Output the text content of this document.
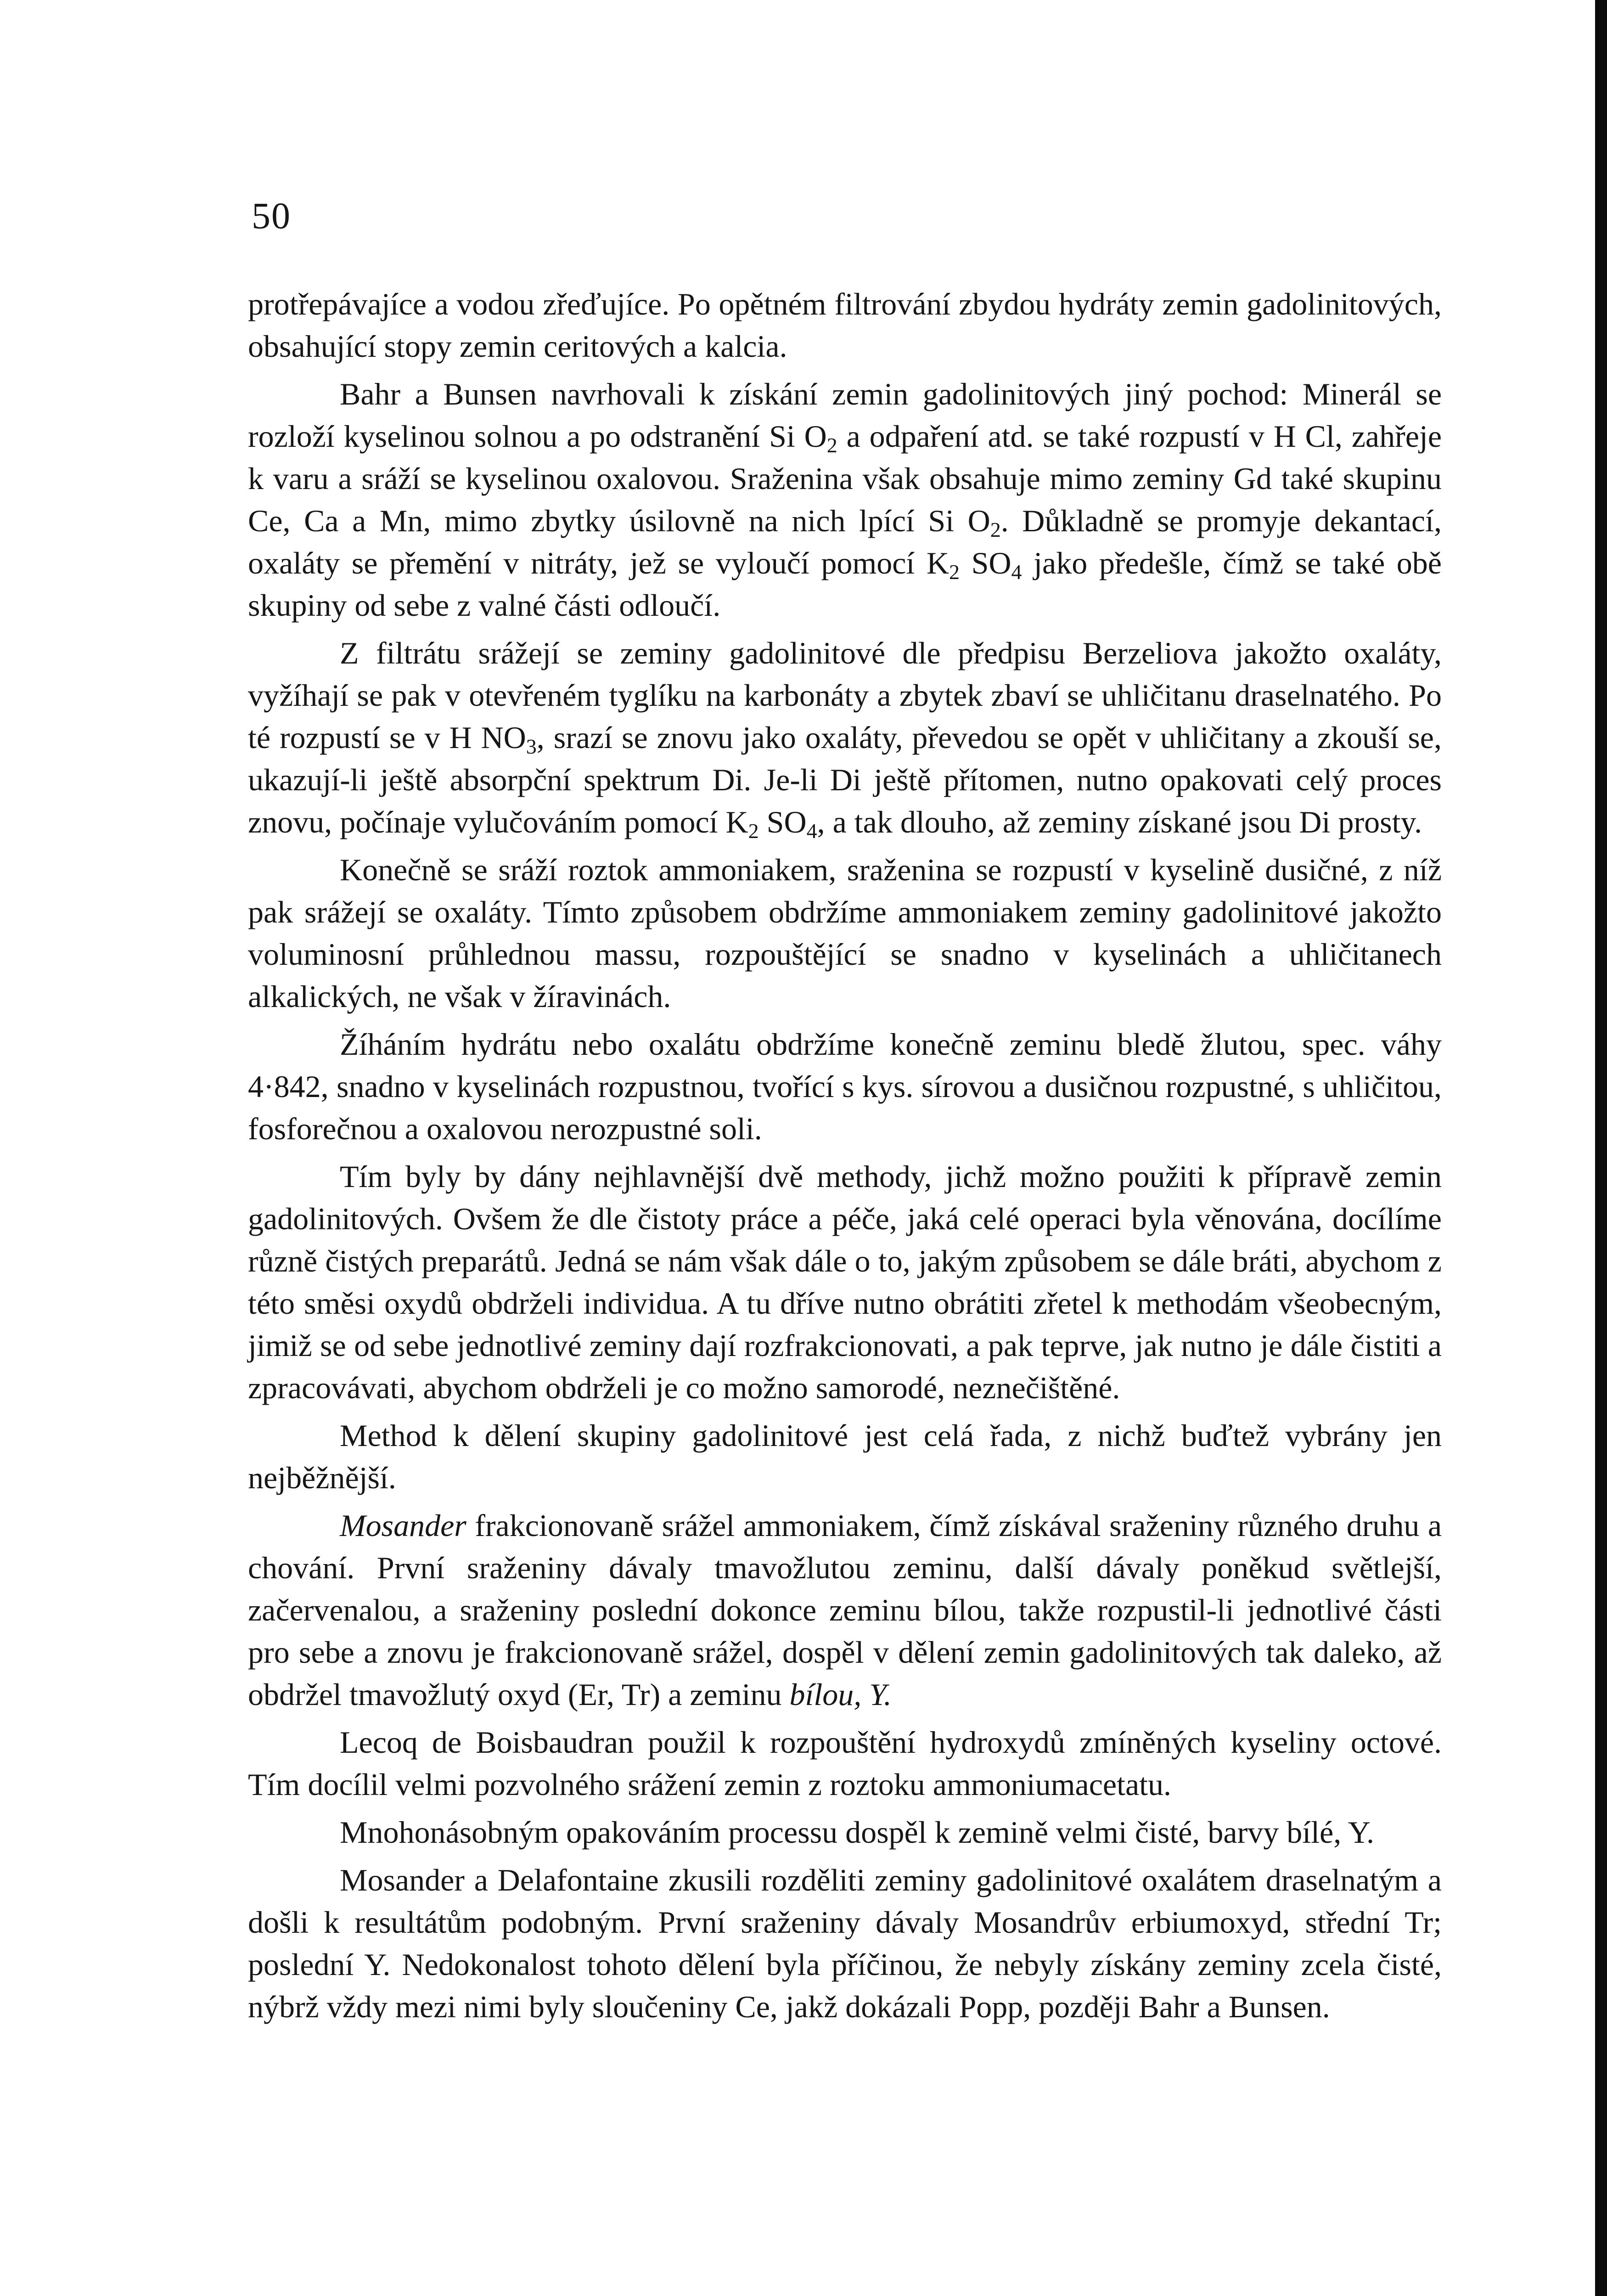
50

protřepávajíce a vodou zřeďujíce. Po opětném filtrování zbydou hydráty zemin gadolinitových, obsahující stopy zemin ceritových a kalcia.

Bahr a Bunsen navrhovali k získání zemin gadolinitových jiný pochod: Minerál se rozloží kyselinou solnou a po odstranění Si $O_2$ a odpaření atd. se také rozpustí v H Cl, zahřeje k varu a sráží se kyselinou oxalovou. Sraženina však obsahuje mimo zeminy Gd také skupinu Ce, Ca a Mn, mimo zbytky úsilovně na nich lpící Si $O_2$. Důkladně se promyje dekantací, oxaláty se přemění v nitráty, jež se vyloučí pomocí $K_2$ $SO_4$ jako předešle, čímž se také obě skupiny od sebe z valné části odloučí.

Z filtrátu srážejí se zeminy gadolinitové dle předpisu Berzeliova jakožto oxaláty, vyžíhají se pak v otevřeném tyglíku na karbonáty a zbytek zbaví se uhličitanu draselnatého. Po té rozpustí se v H $NO_3$, srazí se znovu jako oxaláty, převedou se opět v uhličitany a zkouší se, ukazují-li ještě absorpční spektrum Di. Je-li Di ještě přítomen, nutno opakovati celý proces znovu, počínaje vylučováním pomocí $K_2$ $SO_4$, a tak dlouho, až zeminy získané jsou Di prosty.

Konečně se sráží roztok ammoniakem, sraženina se rozpustí v kyselině dusičné, z níž pak srážejí se oxaláty. Tímto způsobem obdržíme ammoniakem zeminy gadolinitové jakožto voluminosní průhlednou massu, rozpouštějící se snadno v kyselinách a uhličitanech alkalických, ne však v žíravinách.

Žíháním hydrátu nebo oxalátu obdržíme konečně zeminu bledě žlutou, spec. váhy 4·842, snadno v kyselinách rozpustnou, tvořící s kys. sírovou a dusičnou rozpustné, s uhličitou, fosforečnou a oxalovou nerozpustné soli.

Tím byly by dány nejhlavnější dvě methody, jichž možno použiti k přípravě zemin gadolinitových. Ovšem že dle čistoty práce a péče, jaká celé operaci byla věnována, docílíme různě čistých preparátů. Jedná se nám však dále o to, jakým způsobem se dále bráti, abychom z této směsi oxydů obdrželi individua. A tu dříve nutno obrátiti zřetel k methodám všeobecným, jimiž se od sebe jednotlivé zeminy dají rozfrakcionovati, a pak teprve, jak nutno je dále čistiti a zpracovávati, abychom obdrželi je co možno samorodé, neznečištěné.

Method k dělení skupiny gadolinitové jest celá řada, z nichž buďtež vybrány jen nejběžnější.

Mosander frakcionovaně srážel ammoniakem, čímž získával sraženiny různého druhu a chování. První sraženiny dávaly tmavožlutou zeminu, další dávaly poněkud světlejší, začervenalou, a sraženiny poslední dokonce zeminu bílou, takže rozpustil-li jednotlivé části pro sebe a znovu je frakcionovaně srážel, dospěl v dělení zemin gadolinitových tak daleko, až obdržel tmavožlutý oxyd (Er, Tr) a zeminu bílou, Y.

Lecoq de Boisbaudran použil k rozpouštění hydroxydů zmíněných kyseliny octové. Tím docílil velmi pozvolného srážení zemin z roztoku ammoniumacetatu.

Mnohonásobným opakováním processu dospěl k zemině velmi čisté, barvy bílé, Y.

Mosander a Delafontaine zkusili rozděliti zeminy gadolinitové oxalátem draselnatým a došli k resultátům podobným. První sraženiny dávaly Mosandrův erbiumoxyd, střední Tr; poslední Y. Nedokonalost tohoto dělení byla příčinou, že nebyly získány zeminy zcela čisté, nýbrž vždy mezi nimi byly sloučeniny Ce, jakž dokázali Popp, později Bahr a Bunsen.
